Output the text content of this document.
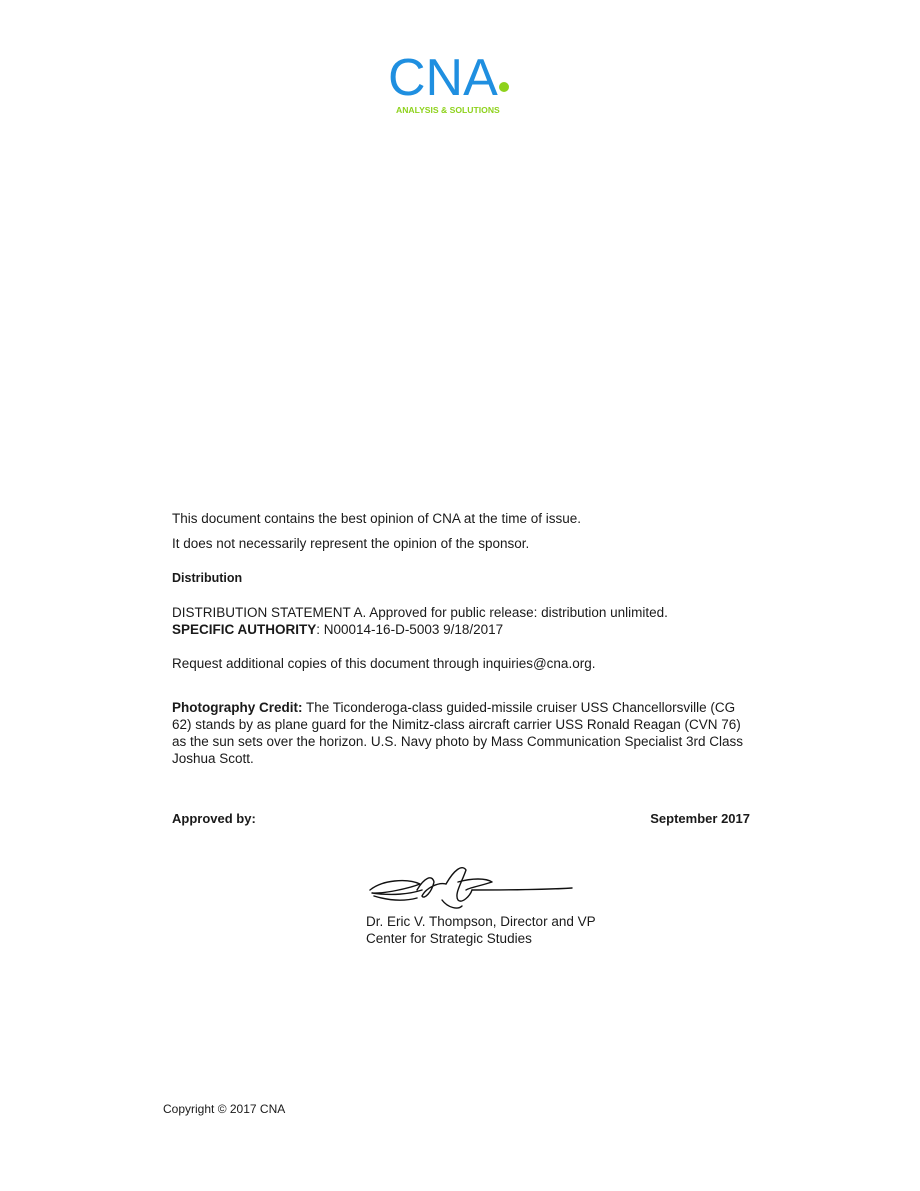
CNA
ANALYSIS & SOLUTIONS
This document contains the best opinion of CNA at the time of issue.
It does not necessarily represent the opinion of the sponsor.
Distribution
DISTRIBUTION STATEMENT A. Approved for public release: distribution unlimited.
SPECIFIC AUTHORITY: N00014-16-D-5003 9/18/2017
Request additional copies of this document through inquiries@cna.org.
Photography Credit: The Ticonderoga-class guided-missile cruiser USS Chancellorsville (CG 62) stands by as plane guard for the Nimitz-class aircraft carrier USS Ronald Reagan (CVN 76) as the sun sets over the horizon. U.S. Navy photo by Mass Communication Specialist 3rd Class Joshua Scott.
Approved by:	September 2017
Dr. Eric V. Thompson, Director and VP
Center for Strategic Studies
Copyright © 2017 CNA
